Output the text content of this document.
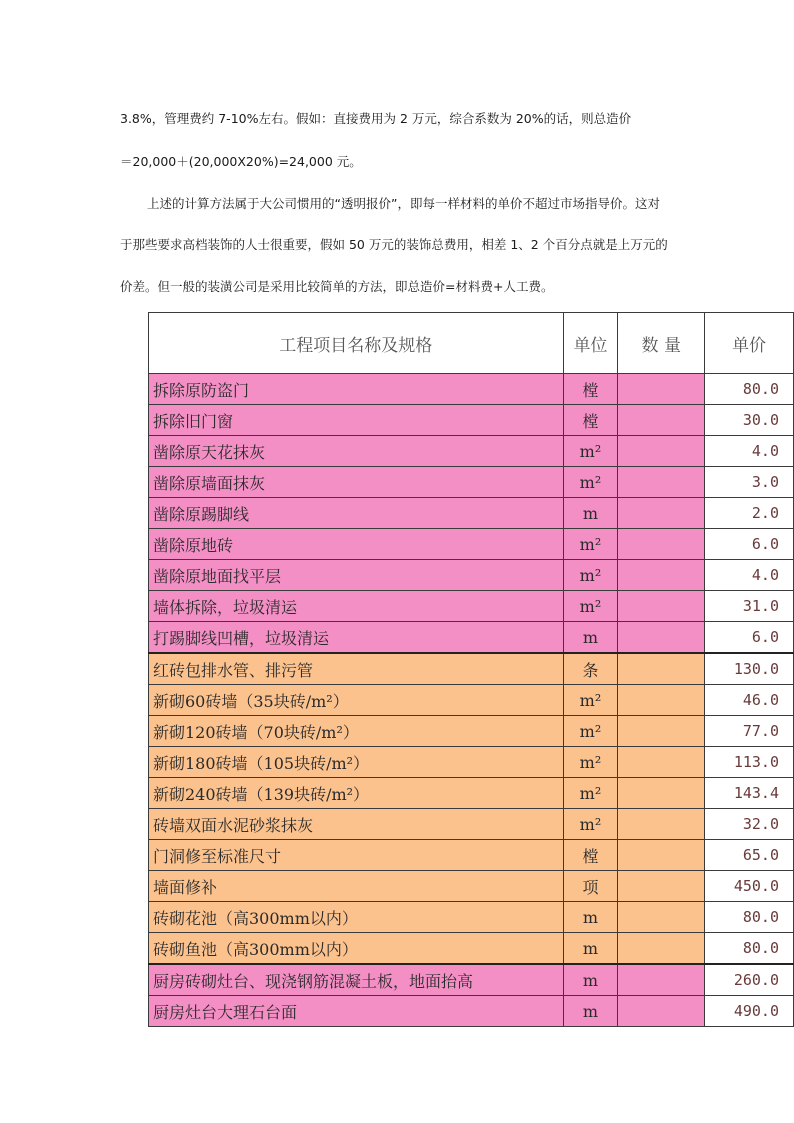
3.8%，管理费约 7-10%左右。假如：直接费用为 2 万元，综合系数为 20%的话，则总造价
＝20,000＋(20,000X20%)=24,000 元。
上述的计算方法属于大公司惯用的“透明报价”，即每一样材料的单价不超过市场指导价。这对
于那些要求高档装饰的人士很重要，假如 50 万元的装饰总费用，相差 1、2 个百分点就是上万元的
价差。但一般的装潢公司是采用比较简单的方法，即总造价=材料费+人工费。
工程项目名称及规格	单位	数 量	单价
拆除原防盗门	樘		80.0
拆除旧门窗	樘		30.0
凿除原天花抹灰	m²		4.0
凿除原墙面抹灰	m²		3.0
凿除原踢脚线	m		2.0
凿除原地砖	m²		6.0
凿除原地面找平层	m²		4.0
墙体拆除，垃圾清运	m²		31.0
打踢脚线凹槽，垃圾清运	m		6.0
红砖包排水管、排污管	条		130.0
新砌60砖墙（35块砖/m²）	m²		46.0
新砌120砖墙（70块砖/m²）	m²		77.0
新砌180砖墙（105块砖/m²）	m²		113.0
新砌240砖墙（139块砖/m²）	m²		143.4
砖墙双面水泥砂浆抹灰	m²		32.0
门洞修至标准尺寸	樘		65.0
墙面修补	项		450.0
砖砌花池（高300mm以内）	m		80.0
砖砌鱼池（高300mm以内）	m		80.0
厨房砖砌灶台、现浇钢筋混凝土板，地面抬高	m		260.0
厨房灶台大理石台面	m		490.0
